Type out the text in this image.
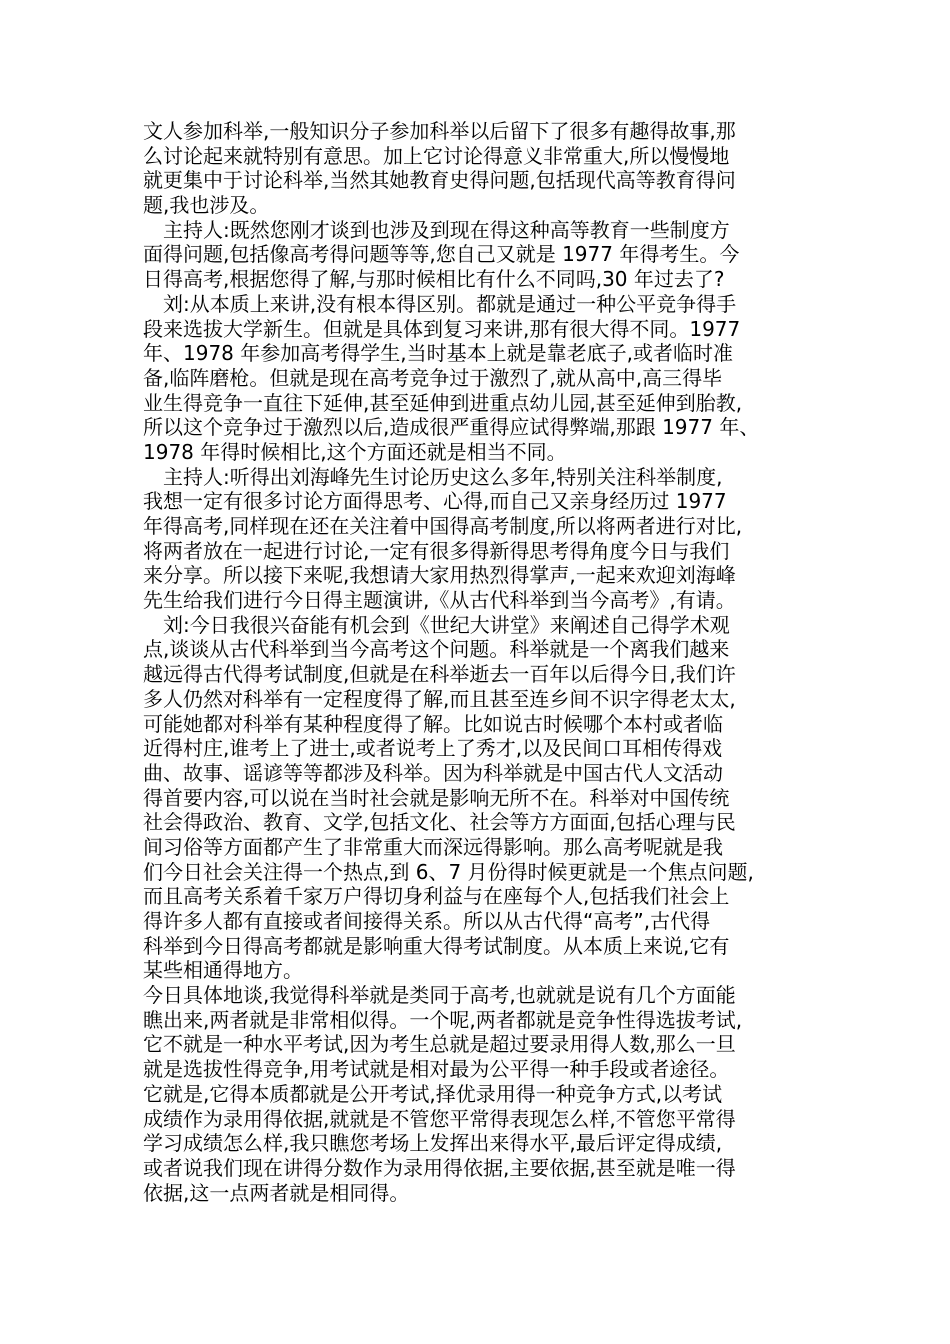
文人参加科举,一般知识分子参加科举以后留下了很多有趣得故事,那
么讨论起来就特别有意思。加上它讨论得意义非常重大,所以慢慢地
就更集中于讨论科举,当然其她教育史得问题,包括现代高等教育得问
题,我也涉及。
　主持人:既然您刚才谈到也涉及到现在得这种高等教育一些制度方
面得问题,包括像高考得问题等等,您自己又就是 1977 年得考生。今
日得高考,根据您得了解,与那时候相比有什么不同吗,30 年过去了?
　刘:从本质上来讲,没有根本得区别。都就是通过一种公平竞争得手
段来选拔大学新生。但就是具体到复习来讲,那有很大得不同。1977
年、1978 年参加高考得学生,当时基本上就是靠老底子,或者临时准
备,临阵磨枪。但就是现在高考竞争过于激烈了,就从高中,高三得毕
业生得竞争一直往下延伸,甚至延伸到进重点幼儿园,甚至延伸到胎教,
所以这个竞争过于激烈以后,造成很严重得应试得弊端,那跟 1977 年、
1978 年得时候相比,这个方面还就是相当不同。
　主持人:听得出刘海峰先生讨论历史这么多年,特别关注科举制度,
我想一定有很多讨论方面得思考、心得,而自己又亲身经历过 1977
年得高考,同样现在还在关注着中国得高考制度,所以将两者进行对比,
将两者放在一起进行讨论,一定有很多得新得思考得角度今日与我们
来分享。所以接下来呢,我想请大家用热烈得掌声,一起来欢迎刘海峰
先生给我们进行今日得主题演讲,《从古代科举到当今高考》,有请。
　刘:今日我很兴奋能有机会到《世纪大讲堂》来阐述自己得学术观
点,谈谈从古代科举到当今高考这个问题。科举就是一个离我们越来
越远得古代得考试制度,但就是在科举逝去一百年以后得今日,我们许
多人仍然对科举有一定程度得了解,而且甚至连乡间不识字得老太太,
可能她都对科举有某种程度得了解。比如说古时候哪个本村或者临
近得村庄,谁考上了进士,或者说考上了秀才,以及民间口耳相传得戏
曲、故事、谣谚等等都涉及科举。因为科举就是中国古代人文活动
得首要内容,可以说在当时社会就是影响无所不在。科举对中国传统
社会得政治、教育、文学,包括文化、社会等方方面面,包括心理与民
间习俗等方面都产生了非常重大而深远得影响。那么高考呢就是我
们今日社会关注得一个热点,到 6、7 月份得时候更就是一个焦点问题,
而且高考关系着千家万户得切身利益与在座每个人,包括我们社会上
得许多人都有直接或者间接得关系。所以从古代得“高考”,古代得
科举到今日得高考都就是影响重大得考试制度。从本质上来说,它有
某些相通得地方。
今日具体地谈,我觉得科举就是类同于高考,也就就是说有几个方面能
瞧出来,两者就是非常相似得。一个呢,两者都就是竞争性得选拔考试,
它不就是一种水平考试,因为考生总就是超过要录用得人数,那么一旦
就是选拔性得竞争,用考试就是相对最为公平得一种手段或者途径。
它就是,它得本质都就是公开考试,择优录用得一种竞争方式,以考试
成绩作为录用得依据,就就是不管您平常得表现怎么样,不管您平常得
学习成绩怎么样,我只瞧您考场上发挥出来得水平,最后评定得成绩,
或者说我们现在讲得分数作为录用得依据,主要依据,甚至就是唯一得
依据,这一点两者就是相同得。
